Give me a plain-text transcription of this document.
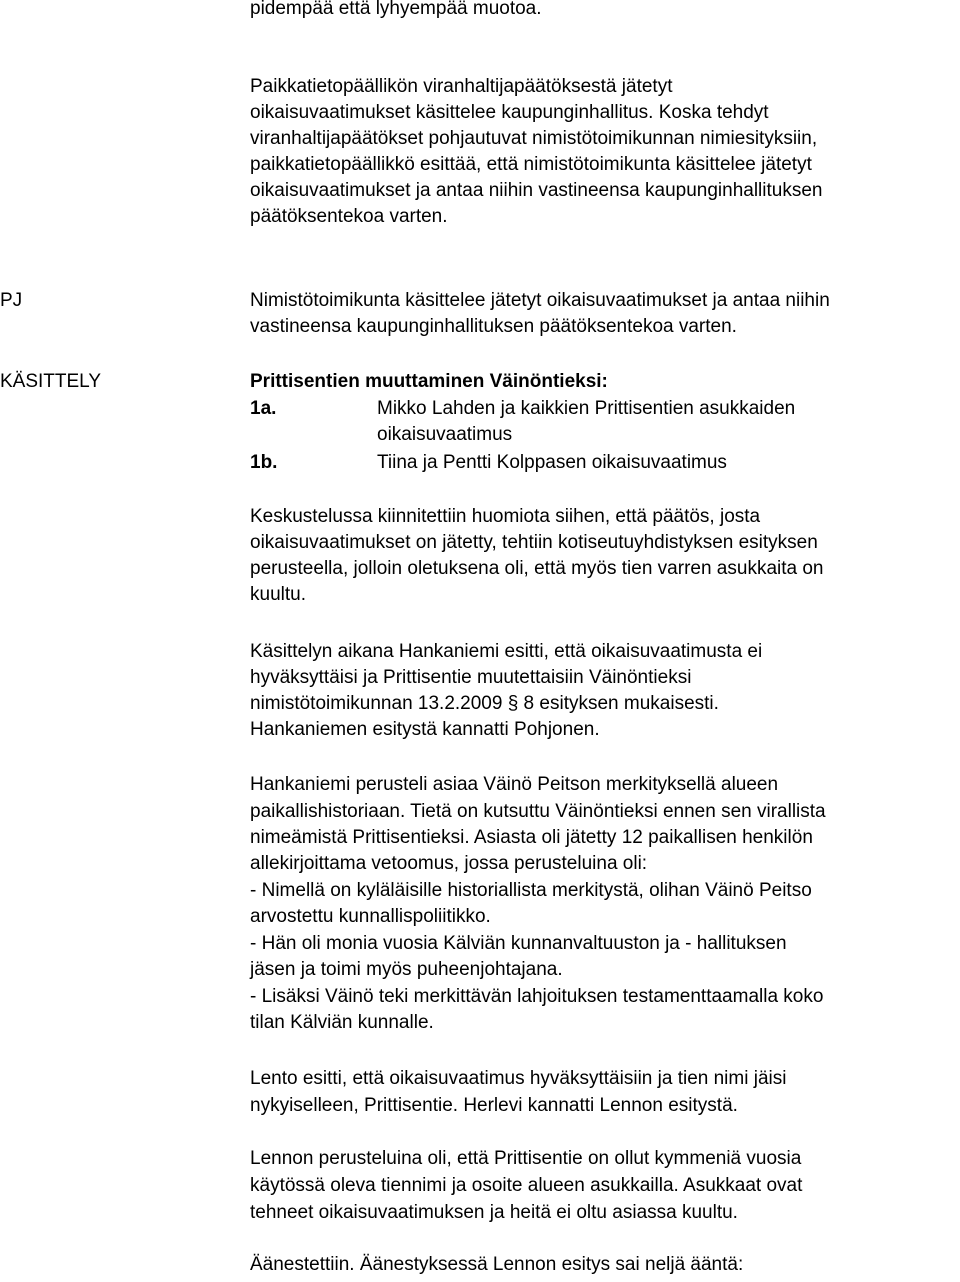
pidempää että lyhyempää muotoa.
Paikkatietopäällikön viranhaltijapäätöksestä jätetyt
oikaisuvaatimukset käsittelee kaupunginhallitus. Koska tehdyt
viranhaltijapäätökset pohjautuvat nimistötoimikunnan nimiesityksiin,
paikkatietopäällikkö esittää, että nimistötoimikunta käsittelee jätetyt
oikaisuvaatimukset ja antaa niihin vastineensa kaupunginhallituksen
päätöksentekoa varten.
PJ	Nimistötoimikunta käsittelee jätetyt oikaisuvaatimukset ja antaa niihin
vastineensa kaupunginhallituksen päätöksentekoa varten.
KÄSITTELY	Prittisentien muuttaminen Väinöntieksi:
1a.	Mikko Lahden ja kaikkien Prittisentien asukkaiden
oikaisuvaatimus
1b.	Tiina ja Pentti Kolppasen oikaisuvaatimus
Keskustelussa kiinnitettiin huomiota siihen, että päätös, josta
oikaisuvaatimukset on jätetty, tehtiin kotiseutuyhdistyksen esityksen
perusteella, jolloin oletuksena oli, että myös tien varren asukkaita on
kuultu.
Käsittelyn aikana Hankaniemi esitti, että oikaisuvaatimusta ei
hyväksyttäisi ja Prittisentie muutettaisiin Väinöntieksi
nimistötoimikunnan 13.2.2009 § 8 esityksen mukaisesti.
Hankaniemen esitystä kannatti Pohjonen.
Hankaniemi perusteli asiaa Väinö Peitson merkityksellä alueen
paikallishistoriaan. Tietä on kutsuttu Väinöntieksi ennen sen virallista
nimeämistä Prittisentieksi. Asiasta oli jätetty 12 paikallisen henkilön
allekirjoittama vetoomus, jossa perusteluina oli:
- Nimellä on kyläläisille historiallista merkitystä, olihan Väinö Peitso
arvostettu kunnallispoliitikko.
- Hän oli monia vuosia Kälviän kunnanvaltuuston ja - hallituksen
jäsen ja toimi myös puheenjohtajana.
- Lisäksi Väinö teki merkittävän lahjoituksen testamenttaamalla koko
tilan Kälviän kunnalle.
Lento esitti, että oikaisuvaatimus hyväksyttäisiin ja tien nimi jäisi
nykyiselleen, Prittisentie. Herlevi kannatti Lennon esitystä.
Lennon perusteluina oli, että Prittisentie on ollut kymmeniä vuosia
käytössä oleva tiennimi ja osoite alueen asukkailla. Asukkaat ovat
tehneet oikaisuvaatimuksen ja heitä ei oltu asiassa kuultu.
Äänestettiin. Äänestyksessä Lennon esitys sai neljä ääntä:
